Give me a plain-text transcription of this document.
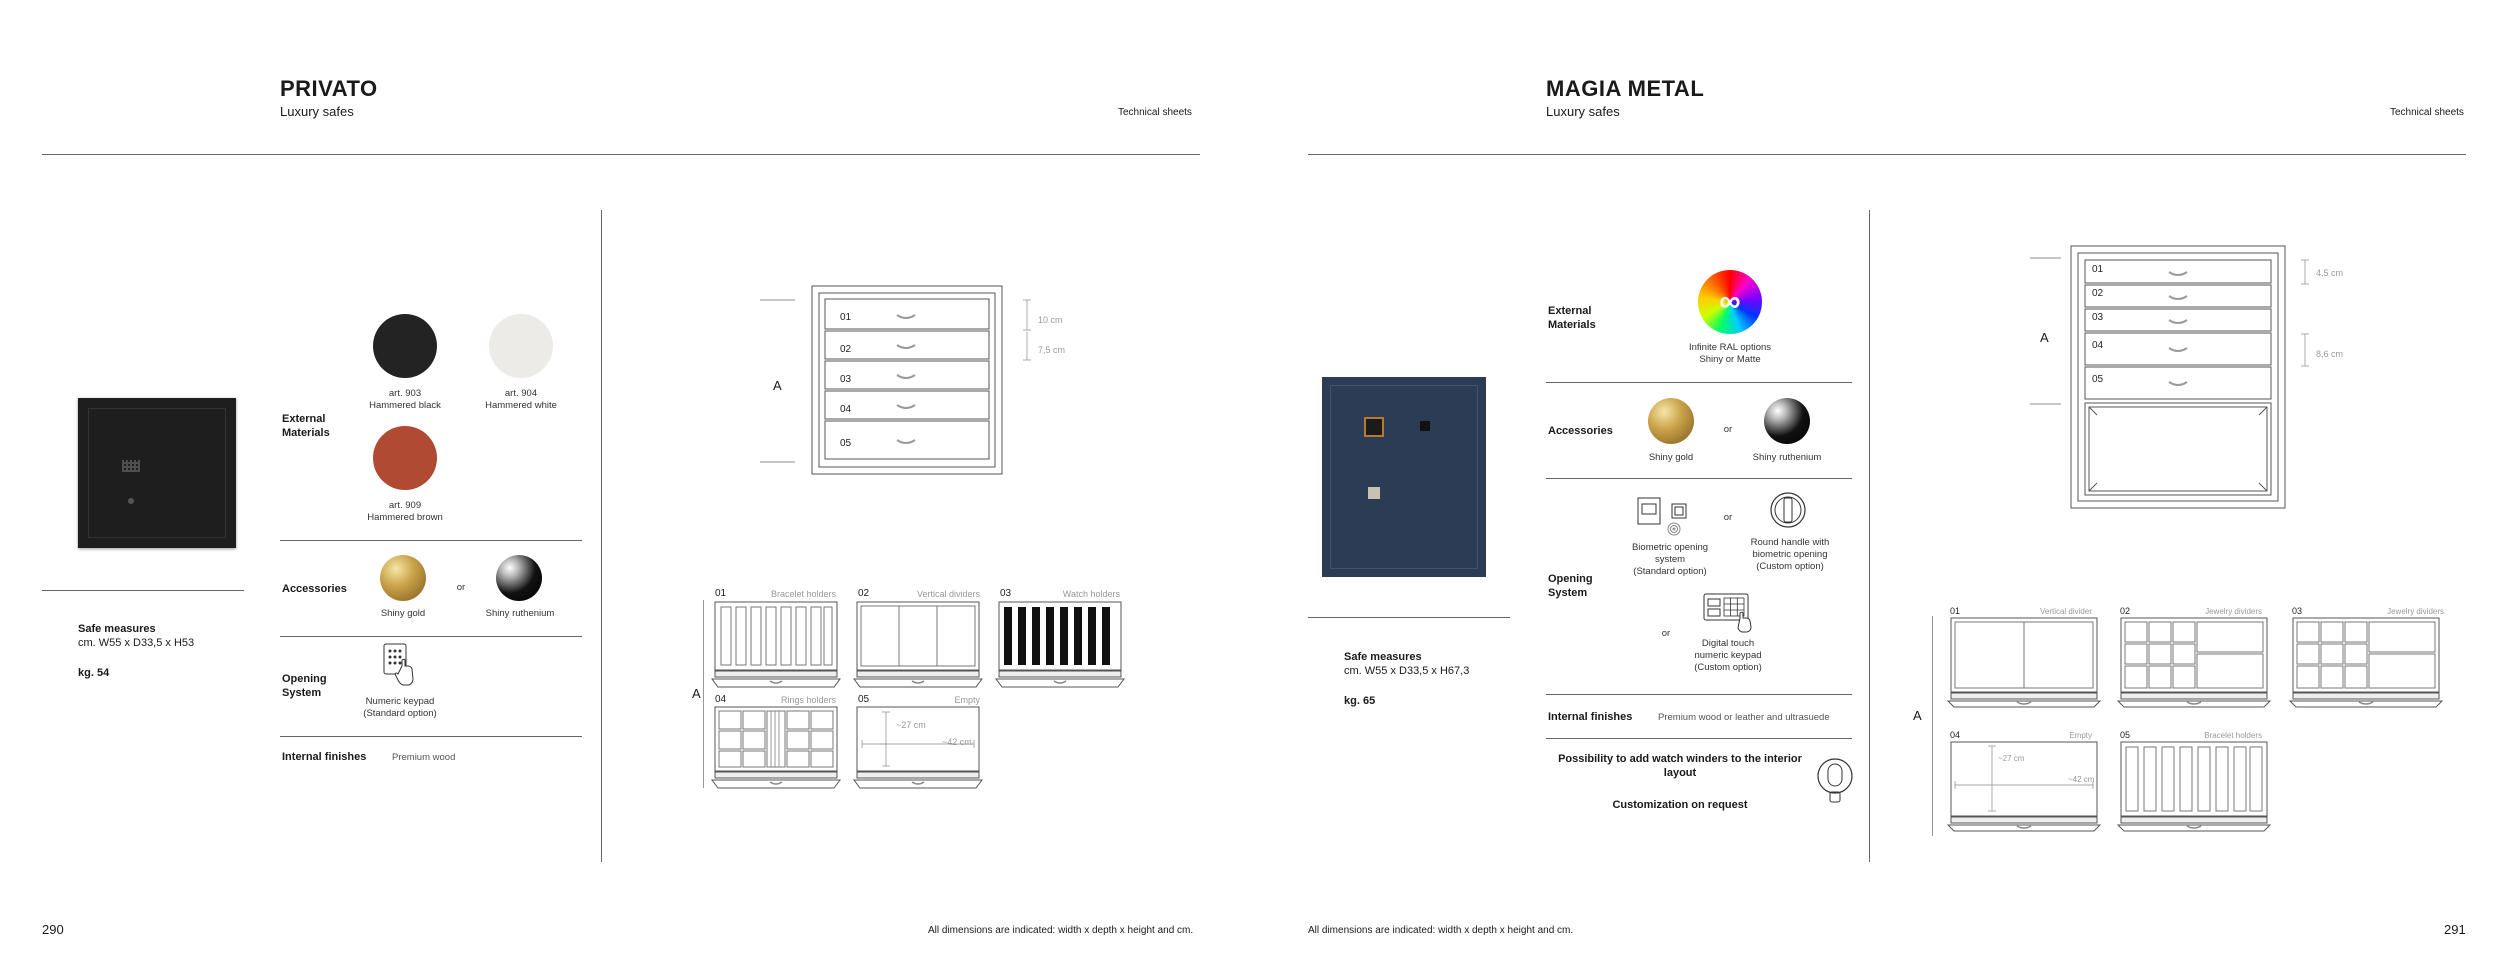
PRIVATO
Luxury safes	Technical sheets
Safe measures
cm. W55 x D33,5 x H53
kg. 54
External
Materials
art. 903
Hammered black
art. 904
Hammered white
art. 909
Hammered brown
Accessories
Shiny gold
or
Shiny ruthenium
Opening
System
Numeric keypad
(Standard option)
Internal finishes	Premium wood
A
01
02
03
04
05
10 cm
7,5 cm
A
01	Bracelet holders 02	Vertical dividers 03	Watch holders
04	Rings holders 05	Empty
~27 cm
~42 cm
290	All dimensions are indicated: width x depth x height and cm.
MAGIA METAL
Luxury safes	Technical sheets
Safe measures
cm. W55 x D33,5 x H67,3
kg. 65
External
Materials
∞
Infinite RAL options
Shiny or Matte
Accessories
Shiny gold
or
Shiny ruthenium
Opening
System
Biometric opening
system
(Standard option)
or
Round handle with
biometric opening
(Custom option)
or
Digital touch
numeric keypad
(Custom option)
Internal finishes	Premium wood or leather and ultrasuede
Possibility to add watch winders to the interior
layout
Customization on request
A
01
02
03
04
05
4,5 cm
8,6 cm
A
01	Vertical divider	02	Jewelry dividers	03	Jewelry dividers
04	Empty
~27 cm
~42 cm
05	Bracelet holders
All dimensions are indicated: width x depth x height and cm.	291
